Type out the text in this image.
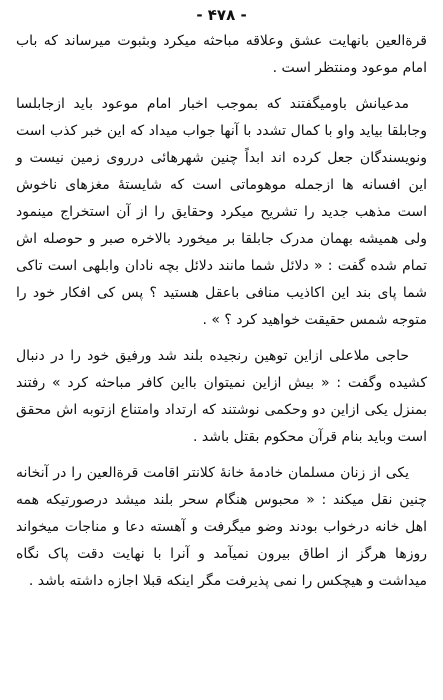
- ۴۷۸ -

قرةالعین بانهایت عشق وعلاقه مباحثه میکرد وبثبوت میرساند که باب امام موعود ومنتظر است .

مدعیانش باومیگفتند که بموجب اخبار امام موعود باید ازجابلسا وجابلقا بیاید واو با کمال تشدد با آنها جواب میداد که این خبر کذب است ونویسندگان جعل کرده اند ابداً چنین شهرهائی درروی زمین نیست و این افسانه ها ازجمله موهوماتی است که شایستهٔ مغزهای ناخوش است مذهب جدید را تشریح میکرد وحقایق را از آن استخراج مینمود ولی همیشه بهمان مدرک جابلقا بر میخورد بالاخره صبر و حوصله اش تمام شده گفت : « دلائل شما مانند دلائل بچه نادان وابلهی است تاکی شما پای بند این اکاذیب منافی باعقل هستید ؟ پس کی افکار خود را متوجه شمس حقیقت خواهید کرد ؟ » .

حاجی ملاعلی ازاین توهین رنجیده بلند شد ورفیق خود را در دنبال کشیده وگفت : « بیش ازاین نمیتوان بااین کافر مباحثه کرد » رفتند بمنزل یکی ازاین دو وحکمی نوشتند که ارتداد وامتناع ازتوبه اش محقق است وباید بنام قرآن محکوم بقتل باشد .

یکی از زنان مسلمان خادمهٔ خانهٔ کلانتر اقامت قرةالعین را در آنخانه چنین نقل میکند : « محبوس هنگام سحر بلند میشد درصورتیکه همه اهل خانه درخواب بودند وضو میگرفت و آهسته دعا و مناجات میخواند روزها هرگز از اطاق بیرون نمیآمد و آنرا با نهایت دقت پاک نگاه میداشت و هیچکس را نمی پذیرفت مگر اینکه قبلا اجازه داشته باشد .
